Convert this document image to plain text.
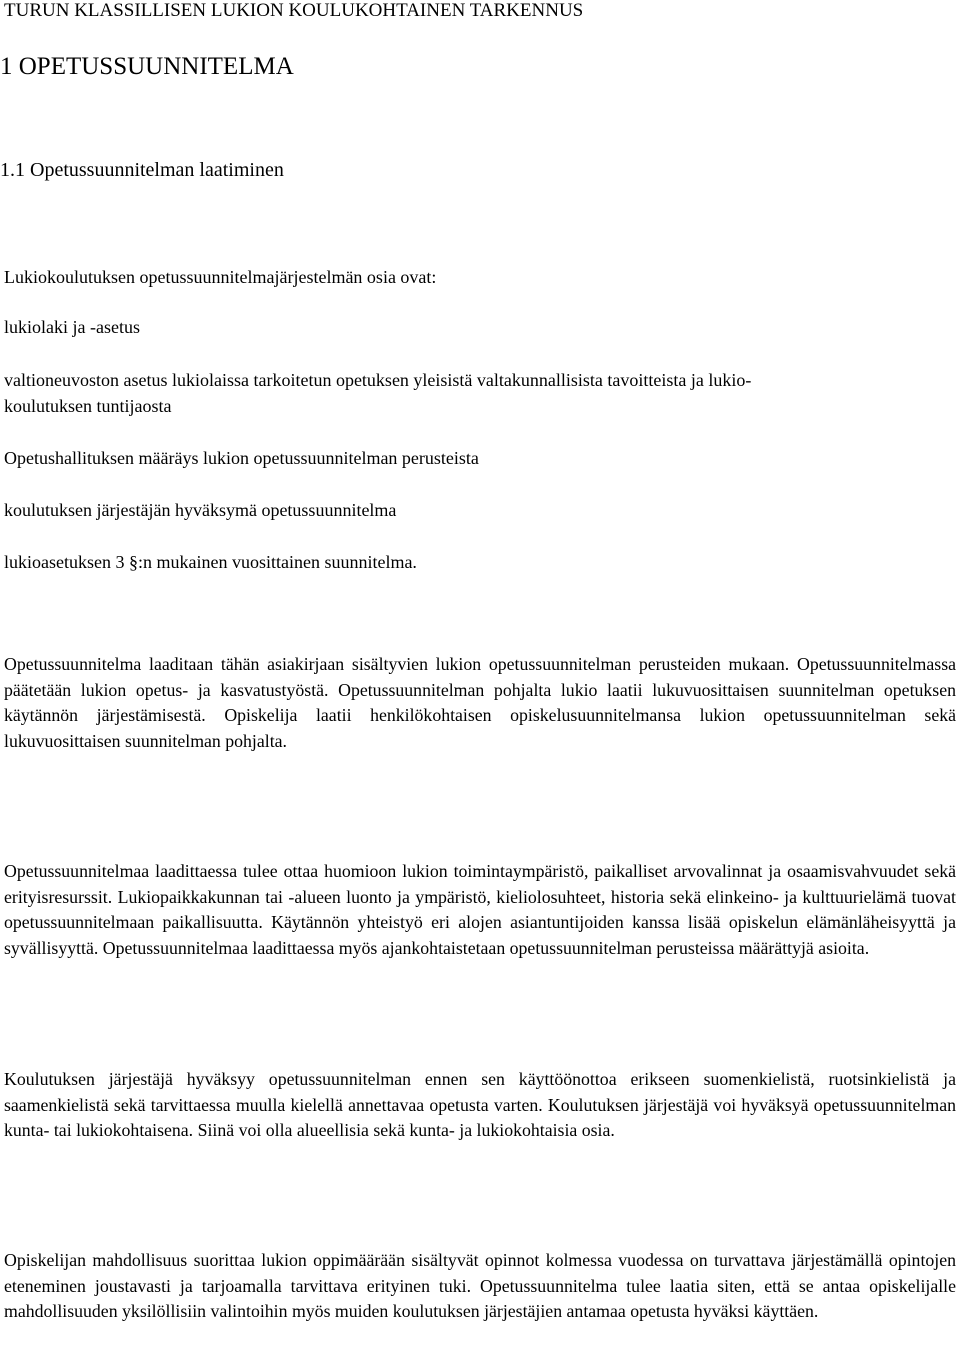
TURUN KLASSILLISEN LUKION KOULUKOHTAINEN TARKENNUS
1 OPETUSSUUNNITELMA
1.1 Opetussuunnitelman laatiminen
Lukiokoulutuksen opetussuunnitelmajärjestelmän osia ovat:
lukiolaki ja -asetus
valtioneuvoston asetus lukiolaissa tarkoitetun opetuksen yleisistä valtakunnallisista tavoitteista ja lukio-
koulutuksen tuntijaosta
Opetushallituksen määräys lukion opetussuunnitelman perusteista
koulutuksen järjestäjän hyväksymä opetussuunnitelma
lukioasetuksen 3 §:n mukainen vuosittainen suunnitelma.

Opetussuunnitelma laaditaan tähän asiakirjaan sisältyvien lukion opetussuunnitelman perusteiden mukaan. Opetussuunnitelmassa päätetään lukion opetus- ja kasvatustyöstä. Opetussuunnitelman pohjalta lukio laatii lukuvuosittaisen suunnitelman opetuksen käytännön järjestämisestä. Opiskelija laatii henkilökohtaisen opiskelusuunnitelmansa lukion opetussuunnitelman sekä lukuvuosittaisen suunnitelman pohjalta.

Opetussuunnitelmaa laadittaessa tulee ottaa huomioon lukion toimintaympäristö, paikalliset arvovalinnat ja osaamisvahvuudet sekä erityisresurssit. Lukiopaikkakunnan tai -alueen luonto ja ympäristö, kieliolosuhteet, historia sekä elinkeino- ja kulttuurielämä tuovat opetussuunnitelmaan paikallisuutta. Käytännön yhteistyö eri alojen asiantuntijoiden kanssa lisää opiskelun elämänläheisyyttä ja syvällisyyttä. Opetussuunnitelmaa laadittaessa myös ajankohtaistetaan opetussuunnitelman perusteissa määrättyjä asioita.

Koulutuksen järjestäjä hyväksyy opetussuunnitelman ennen sen käyttöönottoa erikseen suomenkielistä, ruotsinkielistä ja saamenkielistä sekä tarvittaessa muulla kielellä annettavaa opetusta varten. Koulutuksen järjestäjä voi hyväksyä opetussuunnitelman kunta- tai lukiokohtaisena. Siinä voi olla alueellisia sekä kunta- ja lukiokohtaisia osia.

Opiskelijan mahdollisuus suorittaa lukion oppimäärään sisältyvät opinnot kolmessa vuodessa on turvattava järjestämällä opintojen eteneminen joustavasti ja tarjoamalla tarvittava erityinen tuki. Opetussuunnitelma tulee laatia siten, että se antaa opiskelijalle mahdollisuuden yksilöllisiin valintoihin myös muiden koulutuksen järjestäjien antamaa opetusta hyväksi käyttäen.
